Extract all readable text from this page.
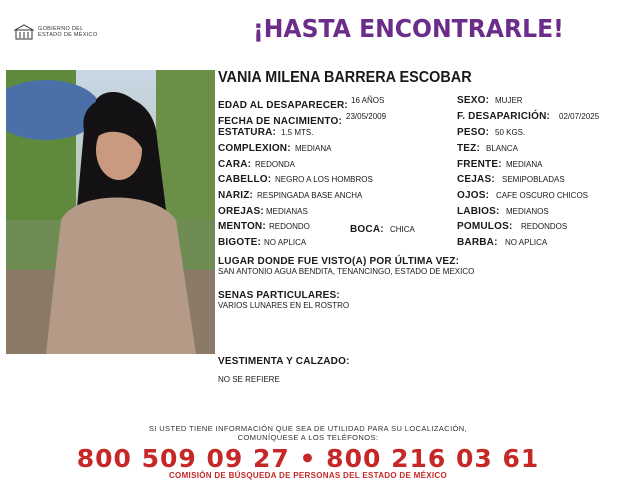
GOBIERNO DEL
ESTADO DE MÉXICO	¡HASTA ENCONTRARLE!
VANIA MILENA BARRERA ESCOBAR
EDAD AL DESAPARECER: 16 AÑOS
FECHA DE NACIMIENTO: 23/05/2009
ESTATURA: 1.5 MTS.
COMPLEXION: MEDIANA
CARA: REDONDA
CABELLO: NEGRO A LOS HOMBROS
NARIZ: RESPINGADA BASE ANCHA
OREJAS: MEDIANAS
MENTON: REDONDO	BOCA: CHICA
BIGOTE: NO APLICA
SEXO: MUJER
F. DESAPARICIÓN: 02/07/2025
PESO: 50 KGS.
TEZ: BLANCA
FRENTE: MEDIANA
CEJAS: SEMIPOBLADAS
OJOS: CAFE OSCURO CHICOS
LABIOS: MEDIANOS
POMULOS: REDONDOS
BARBA: NO APLICA
LUGAR DONDE FUE VISTO(A) POR ÚLTIMA VEZ:
SAN ANTONIO AGUA BENDITA, TENANCINGO, ESTADO DE MEXICO
SENAS PARTICULARES:
VARIOS LUNARES EN EL ROSTRO
VESTIMENTA Y CALZADO:
NO SE REFIERE
SI USTED TIENE INFORMACIÓN QUE SEA DE UTILIDAD PARA SU LOCALIZACIÓN,
COMUNÍQUESE A LOS TELÉFONOS:
800 509 09 27 • 800 216 03 61
COMISIÓN DE BÚSQUEDA DE PERSONAS DEL ESTADO DE MÉXICO
